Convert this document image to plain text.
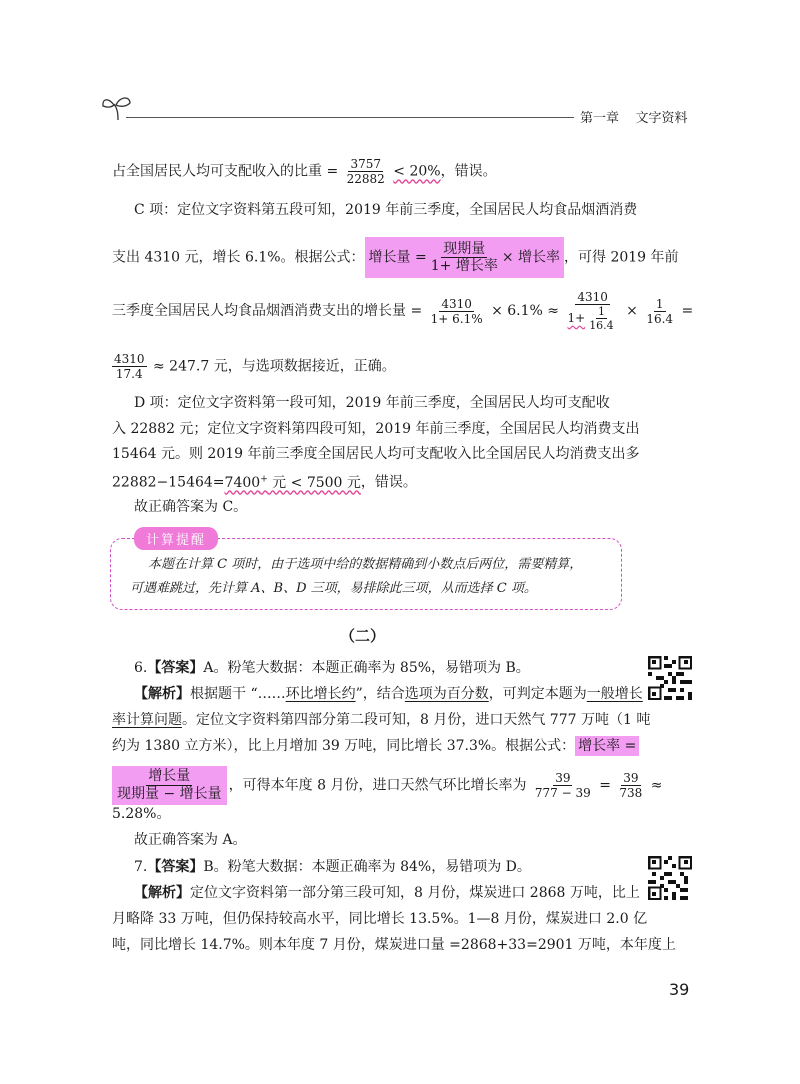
第一章 文字资料
占全国居民人均可支配收入的比重 = $\frac{3757}{22882} < 20\%$，错误。
C 项：定位文字资料第五段可知，2019 年前三季度，全国居民人均食品烟酒消费
支出 4310 元，增长 6.1%。根据公式： 增长量 = $\frac{\text{现期量}}{\text{1+ 增长率}}$ × 增长率 ，可得 2019 年前
三季度全国居民人均食品烟酒消费支出的增长量 = $\frac{4310}{1+ 6.1\%} \times 6.1\% \approx \frac{4310}{1+ \frac{1}{16.4}} \times \frac{1}{16.4}$ =
$\frac{4310}{17.4} \approx 247.7$ 元，与选项数据接近，正确。
D 项：定位文字资料第一段可知，2019 年前三季度，全国居民人均可支配收
入 22882 元；定位文字资料第四段可知，2019 年前三季度，全国居民人均消费支出
15464 元。则 2019 年前三季度全国居民人均可支配收入比全国居民人均消费支出多
22882−15464=7400+ 元 < 7500 元，错误。
故正确答案为 C。
计算提醒
本题在计算 C 项时，由于选项中给的数据精确到小数点后两位，需要精算，
可遇难跳过，先计算 A、B、D 三项，易排除此三项，从而选择 C 项。
（二）
6.【答案】A。粉笔大数据：本题正确率为 85%，易错项为 B。
【解析】根据题干 “……环比增长约”，结合选项为百分数，可判定本题为一般增长
率计算问题。定位文字资料第四部分第二段可知，8 月份，进口天然气 777 万吨（1 吨
约为 1380 立方米），比上月增加 39 万吨，同比增长 37.3%。根据公式： 增长率 =
$\frac{\text{增长量}}{\text{现期量 − 增长量}}$ ，可得本年度 8 月份，进口天然气环比增长率为 $\frac{39}{777 - 39} = \frac{39}{738}$ ≈
5.28%。
故正确答案为 A。
7.【答案】B。粉笔大数据：本题正确率为 84%，易错项为 D。
【解析】定位文字资料第一部分第三段可知，8 月份，煤炭进口 2868 万吨，比上
月略降 33 万吨，但仍保持较高水平，同比增长 13.5%。1—8 月份，煤炭进口 2.0 亿
吨，同比增长 14.7%。则本年度 7 月份，煤炭进口量 =2868+33=2901 万吨，本年度上
39
